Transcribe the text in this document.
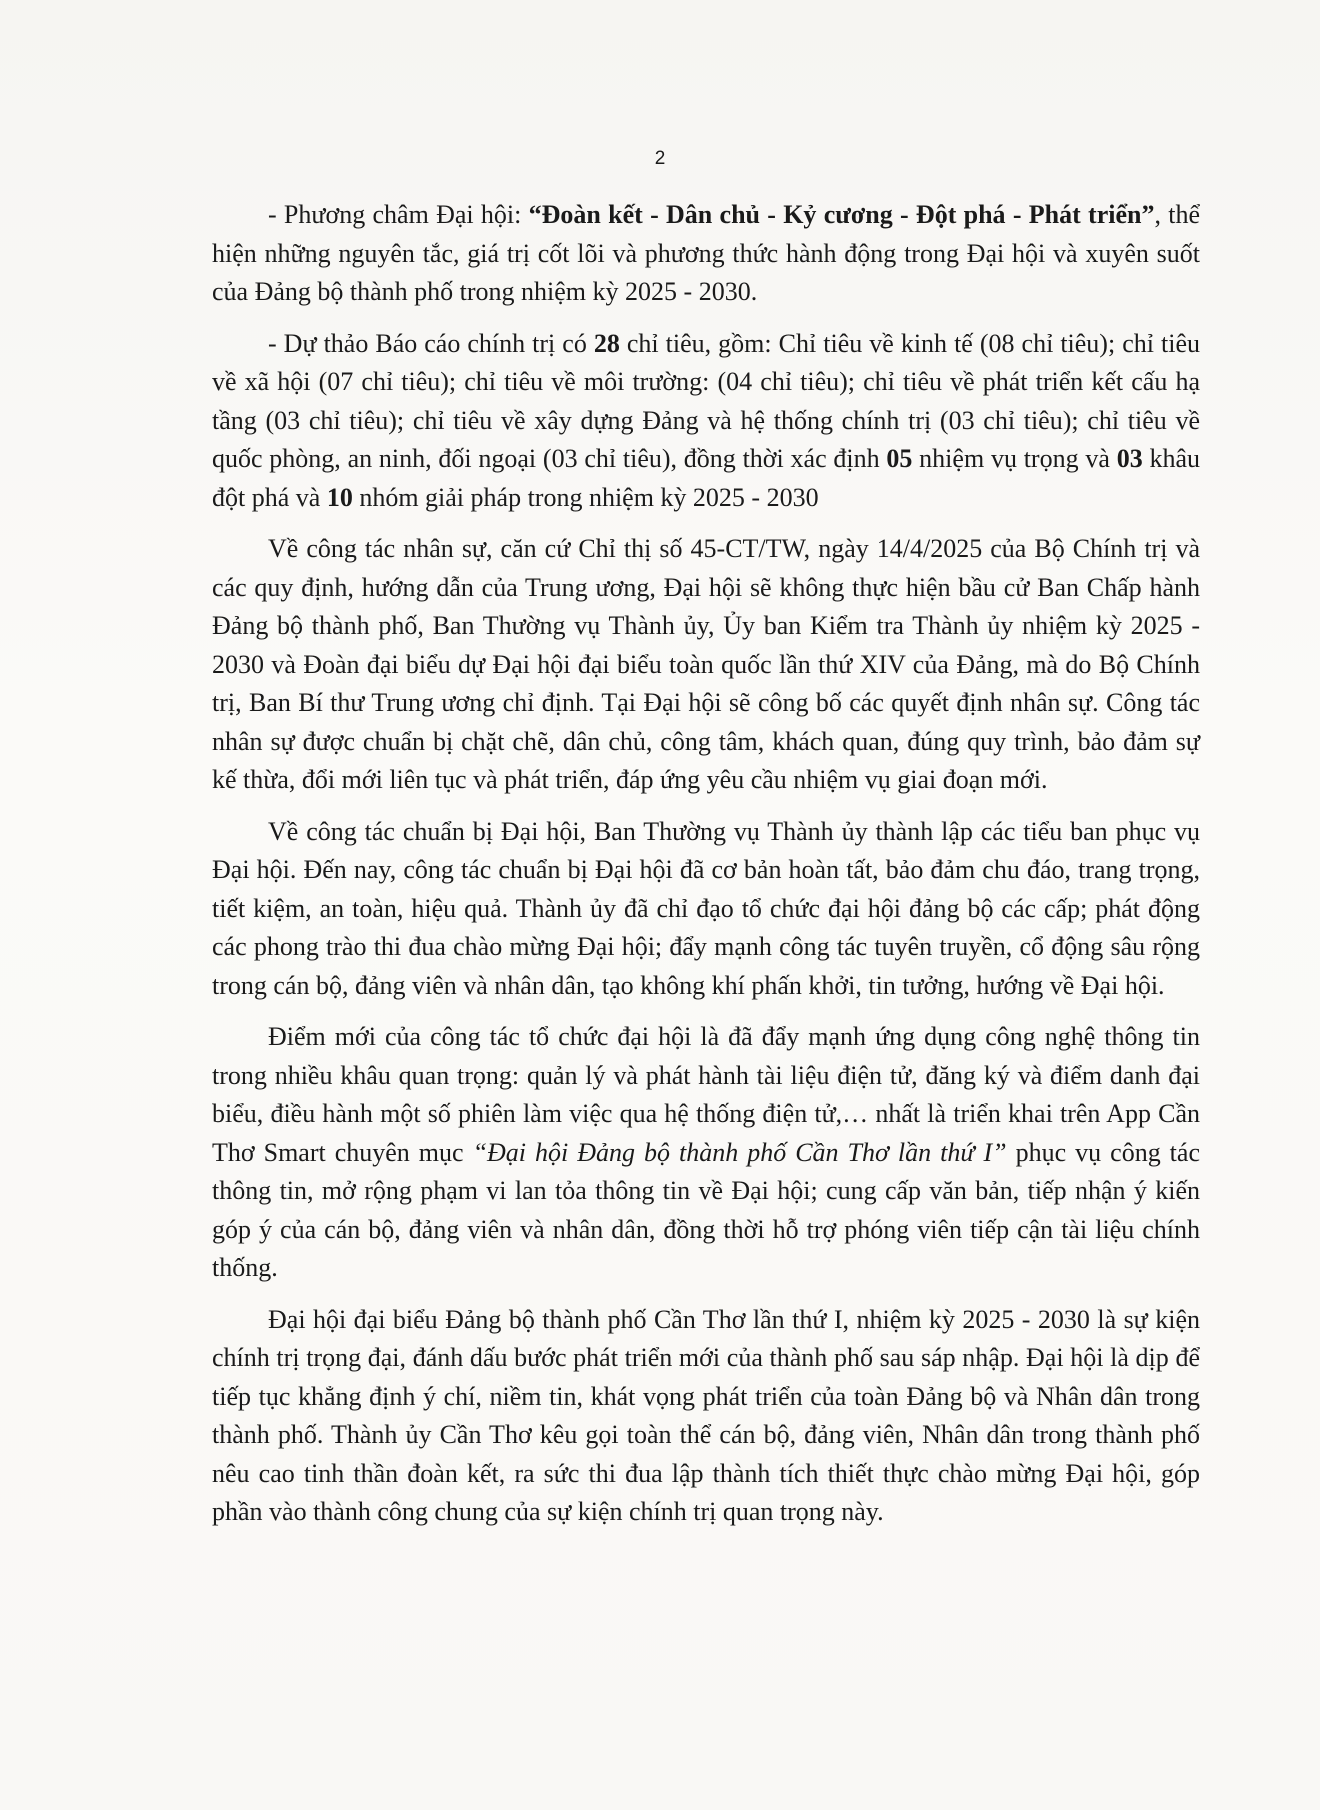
2

- Phương châm Đại hội: “Đoàn kết - Dân chủ - Kỷ cương - Đột phá - Phát triển”, thể hiện những nguyên tắc, giá trị cốt lõi và phương thức hành động trong Đại hội và xuyên suốt của Đảng bộ thành phố trong nhiệm kỳ 2025 - 2030.

- Dự thảo Báo cáo chính trị có 28 chỉ tiêu, gồm: Chỉ tiêu về kinh tế (08 chỉ tiêu); chỉ tiêu về xã hội (07 chỉ tiêu); chỉ tiêu về môi trường: (04 chỉ tiêu); chỉ tiêu về phát triển kết cấu hạ tầng (03 chỉ tiêu); chỉ tiêu về xây dựng Đảng và hệ thống chính trị (03 chỉ tiêu); chỉ tiêu về quốc phòng, an ninh, đối ngoại (03 chỉ tiêu), đồng thời xác định 05 nhiệm vụ trọng và 03 khâu đột phá và 10 nhóm giải pháp trong nhiệm kỳ 2025 - 2030

Về công tác nhân sự, căn cứ Chỉ thị số 45-CT/TW, ngày 14/4/2025 của Bộ Chính trị và các quy định, hướng dẫn của Trung ương, Đại hội sẽ không thực hiện bầu cử Ban Chấp hành Đảng bộ thành phố, Ban Thường vụ Thành ủy, Ủy ban Kiểm tra Thành ủy nhiệm kỳ 2025 - 2030 và Đoàn đại biểu dự Đại hội đại biểu toàn quốc lần thứ XIV của Đảng, mà do Bộ Chính trị, Ban Bí thư Trung ương chỉ định. Tại Đại hội sẽ công bố các quyết định nhân sự. Công tác nhân sự được chuẩn bị chặt chẽ, dân chủ, công tâm, khách quan, đúng quy trình, bảo đảm sự kế thừa, đổi mới liên tục và phát triển, đáp ứng yêu cầu nhiệm vụ giai đoạn mới.

Về công tác chuẩn bị Đại hội, Ban Thường vụ Thành ủy thành lập các tiểu ban phục vụ Đại hội. Đến nay, công tác chuẩn bị Đại hội đã cơ bản hoàn tất, bảo đảm chu đáo, trang trọng, tiết kiệm, an toàn, hiệu quả. Thành ủy đã chỉ đạo tổ chức đại hội đảng bộ các cấp; phát động các phong trào thi đua chào mừng Đại hội; đẩy mạnh công tác tuyên truyền, cổ động sâu rộng trong cán bộ, đảng viên và nhân dân, tạo không khí phấn khởi, tin tưởng, hướng về Đại hội.

Điểm mới của công tác tổ chức đại hội là đã đẩy mạnh ứng dụng công nghệ thông tin trong nhiều khâu quan trọng: quản lý và phát hành tài liệu điện tử, đăng ký và điểm danh đại biểu, điều hành một số phiên làm việc qua hệ thống điện tử,… nhất là triển khai trên App Cần Thơ Smart chuyên mục “Đại hội Đảng bộ thành phố Cần Thơ lần thứ I” phục vụ công tác thông tin, mở rộng phạm vi lan tỏa thông tin về Đại hội; cung cấp văn bản, tiếp nhận ý kiến góp ý của cán bộ, đảng viên và nhân dân, đồng thời hỗ trợ phóng viên tiếp cận tài liệu chính thống.

Đại hội đại biểu Đảng bộ thành phố Cần Thơ lần thứ I, nhiệm kỳ 2025 - 2030 là sự kiện chính trị trọng đại, đánh dấu bước phát triển mới của thành phố sau sáp nhập. Đại hội là dịp để tiếp tục khẳng định ý chí, niềm tin, khát vọng phát triển của toàn Đảng bộ và Nhân dân trong thành phố. Thành ủy Cần Thơ kêu gọi toàn thể cán bộ, đảng viên, Nhân dân trong thành phố nêu cao tinh thần đoàn kết, ra sức thi đua lập thành tích thiết thực chào mừng Đại hội, góp phần vào thành công chung của sự kiện chính trị quan trọng này.
